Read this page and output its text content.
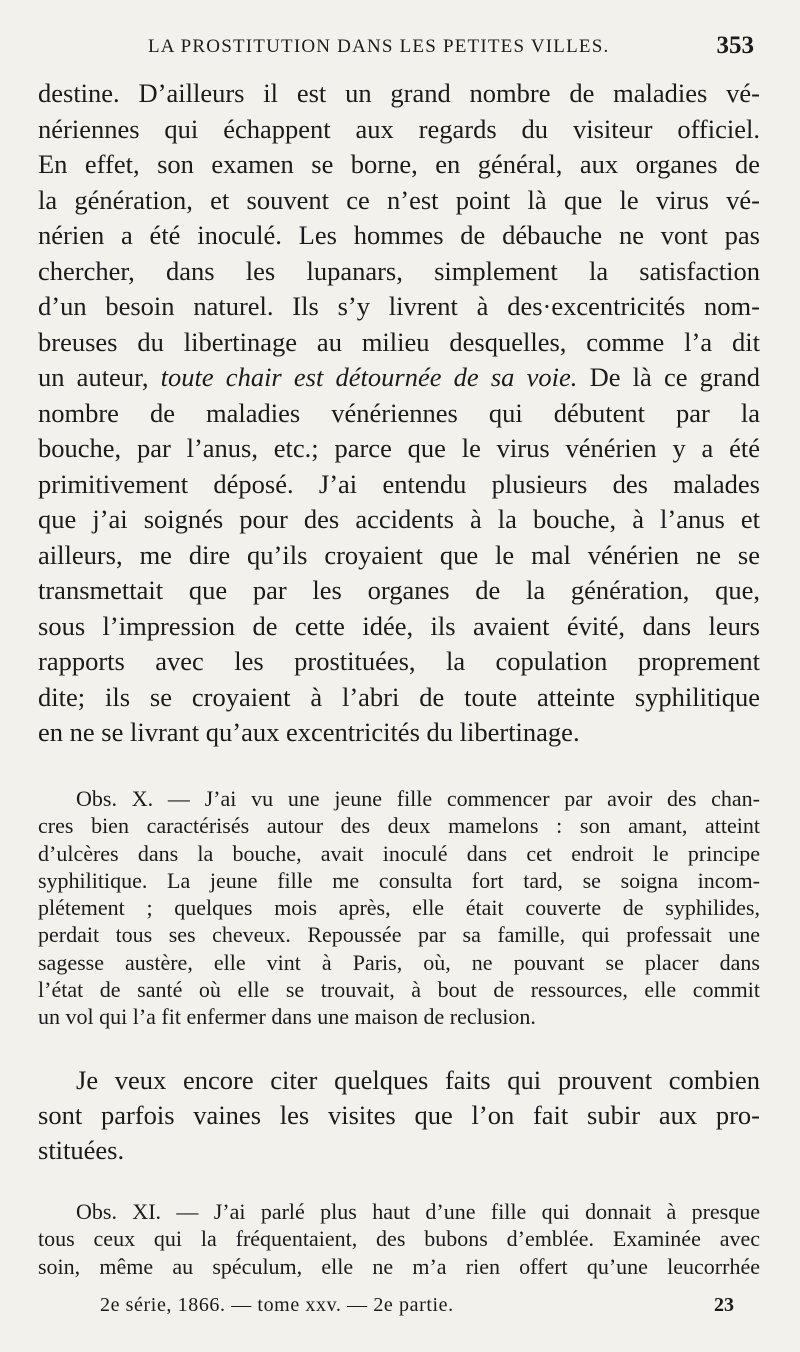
LA PROSTITUTION DANS LES PETITES VILLES.	353
destine. D’ailleurs il est un grand nombre de maladies vé-
nériennes qui échappent aux regards du visiteur officiel.
En effet, son examen se borne, en général, aux organes de
la génération, et souvent ce n’est point là que le virus vé-
nérien a été inoculé. Les hommes de débauche ne vont pas
chercher, dans les lupanars, simplement la satisfaction
d’un besoin naturel. Ils s’y livrent à des·excentricités nom-
breuses du libertinage au milieu desquelles, comme l’a dit
un auteur, toute chair est détournée de sa voie. De là ce grand
nombre de maladies vénériennes qui débutent par la
bouche, par l’anus, etc.; parce que le virus vénérien y a été
primitivement déposé. J’ai entendu plusieurs des malades
que j’ai soignés pour des accidents à la bouche, à l’anus et
ailleurs, me dire qu’ils croyaient que le mal vénérien ne se
transmettait que par les organes de la génération, que,
sous l’impression de cette idée, ils avaient évité, dans leurs
rapports avec les prostituées, la copulation proprement
dite; ils se croyaient à l’abri de toute atteinte syphilitique
en ne se livrant qu’aux excentricités du libertinage.
Obs. X. — J’ai vu une jeune fille commencer par avoir des chan-
cres bien caractérisés autour des deux mamelons : son amant, atteint
d’ulcères dans la bouche, avait inoculé dans cet endroit le principe
syphilitique. La jeune fille me consulta fort tard, se soigna incom-
plétement ; quelques mois après, elle était couverte de syphilides,
perdait tous ses cheveux. Repoussée par sa famille, qui professait une
sagesse austère, elle vint à Paris, où, ne pouvant se placer dans
l’état de santé où elle se trouvait, à bout de ressources, elle commit
un vol qui l’a fit enfermer dans une maison de reclusion.
Je veux encore citer quelques faits qui prouvent combien
sont parfois vaines les visites que l’on fait subir aux pro-
stituées.
Obs. XI. — J’ai parlé plus haut d’une fille qui donnait à presque
tous ceux qui la fréquentaient, des bubons d’emblée. Examinée avec
soin, même au spéculum, elle ne m’a rien offert qu’une leucorrhée
2e série, 1866. — tome xxv. — 2e partie.	23
